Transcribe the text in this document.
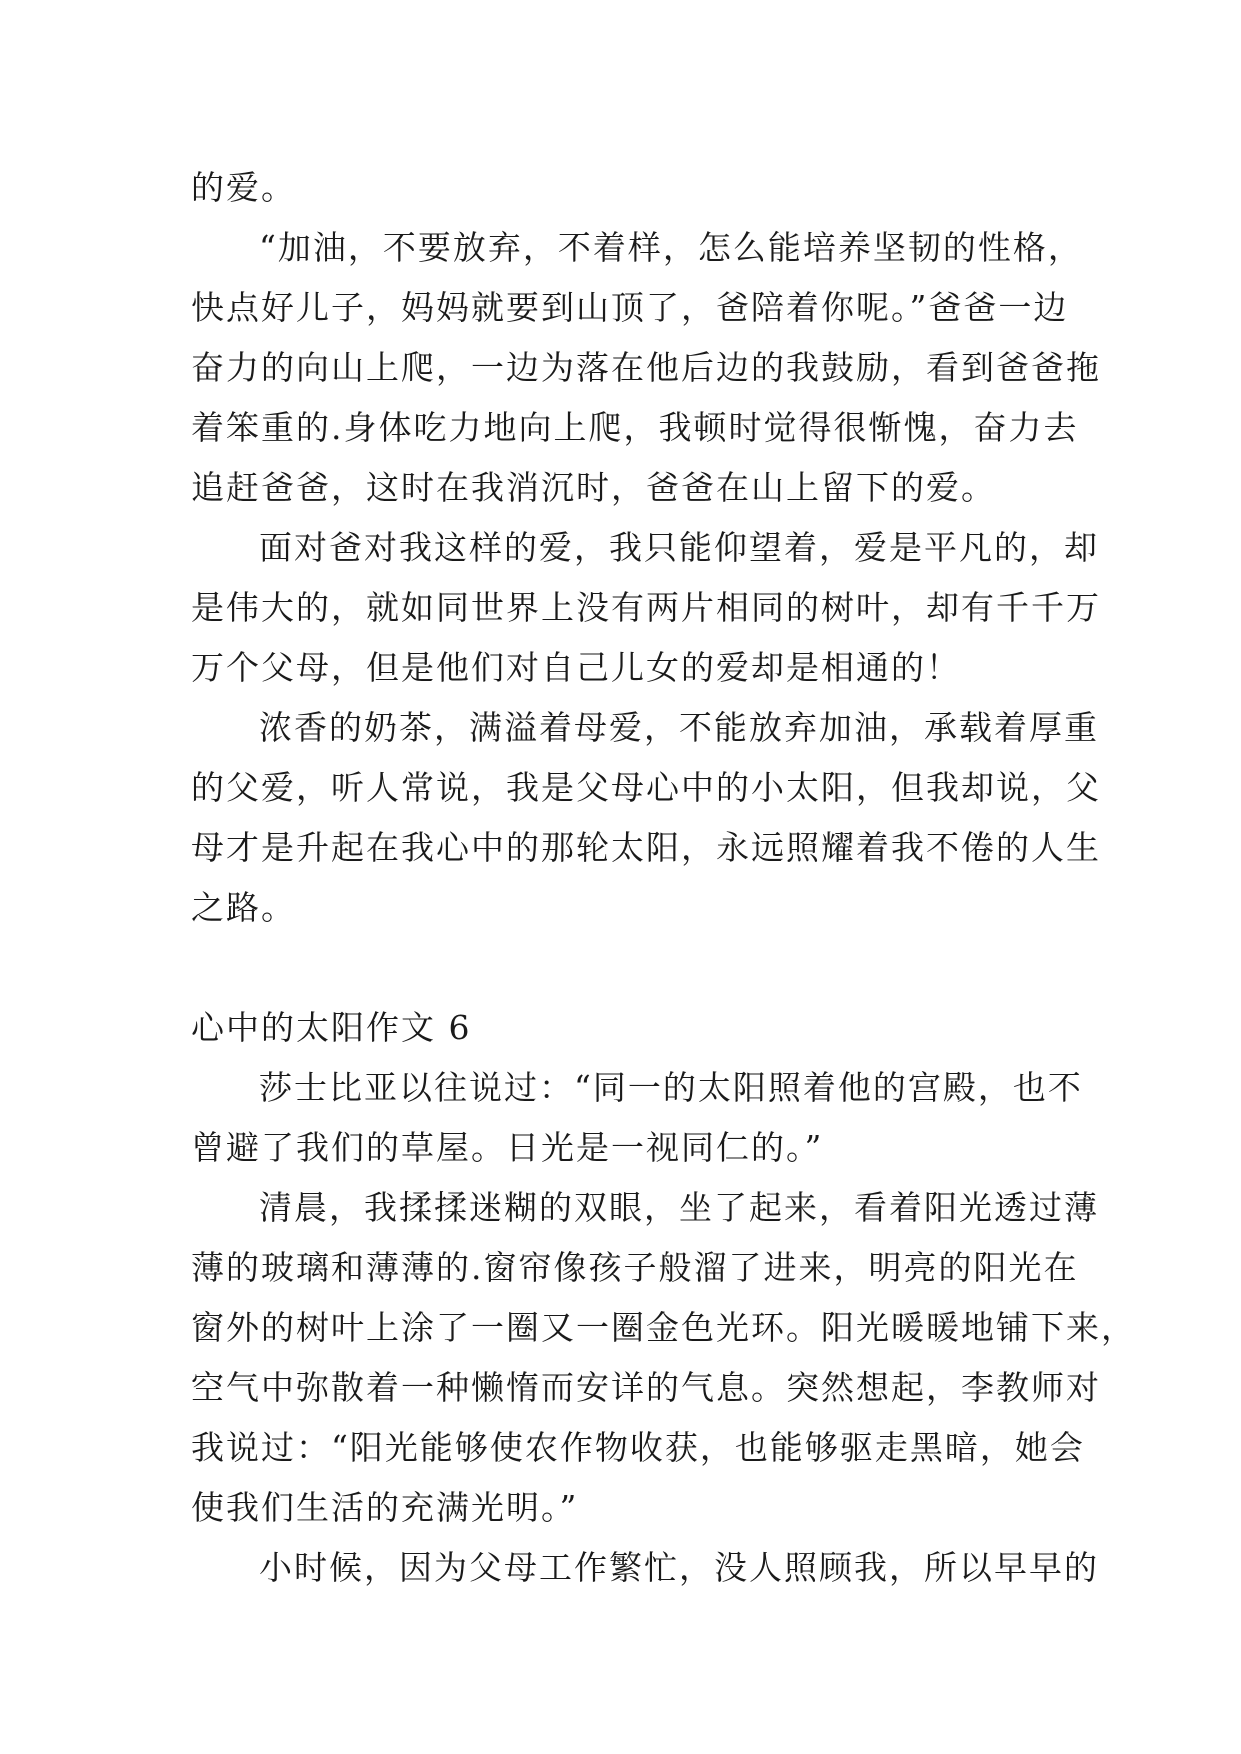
的爱。
“加油，不要放弃，不着样，怎么能培养坚韧的性格，
快点好儿子，妈妈就要到山顶了，爸陪着你呢。”爸爸一边
奋力的向山上爬，一边为落在他后边的我鼓励，看到爸爸拖
着笨重的.身体吃力地向上爬，我顿时觉得很惭愧，奋力去
追赶爸爸，这时在我消沉时，爸爸在山上留下的爱。
面对爸对我这样的爱，我只能仰望着，爱是平凡的，却
是伟大的，就如同世界上没有两片相同的树叶，却有千千万
万个父母，但是他们对自己儿女的爱却是相通的！
浓香的奶茶，满溢着母爱，不能放弃加油，承载着厚重
的父爱，听人常说，我是父母心中的小太阳，但我却说，父
母才是升起在我心中的那轮太阳，永远照耀着我不倦的人生
之路。
心中的太阳作文 6
莎士比亚以往说过：“同一的太阳照着他的宫殿，也不
曾避了我们的草屋。日光是一视同仁的。”
清晨，我揉揉迷糊的双眼，坐了起来，看着阳光透过薄
薄的玻璃和薄薄的.窗帘像孩子般溜了进来，明亮的阳光在
窗外的树叶上涂了一圈又一圈金色光环。阳光暖暖地铺下来，
空气中弥散着一种懒惰而安详的气息。突然想起，李教师对
我说过：“阳光能够使农作物收获，也能够驱走黑暗，她会
使我们生活的充满光明。”
小时候，因为父母工作繁忙，没人照顾我，所以早早的
